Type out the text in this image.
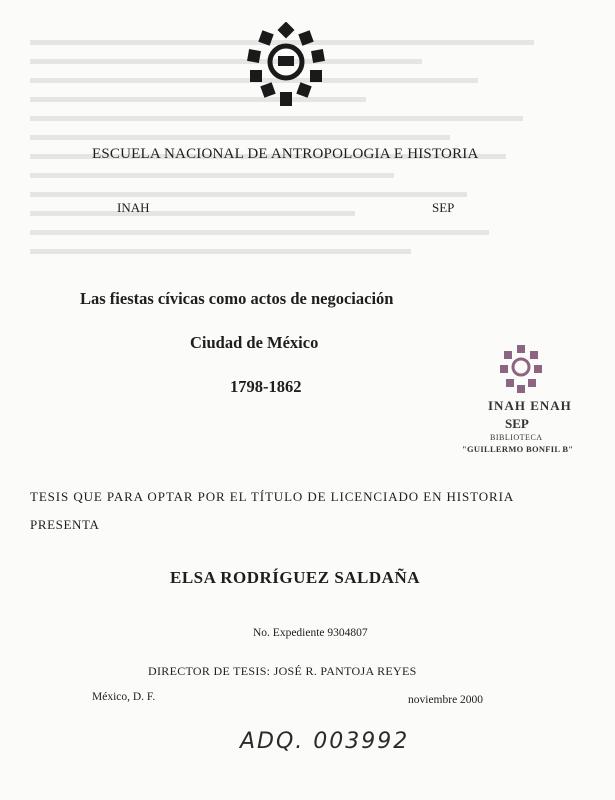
ESCUELA NACIONAL DE ANTROPOLOGIA E HISTORIA
INAH	SEP
Las fiestas cívicas como actos de negociación
Ciudad de México
1798-1862
INAH ENAH
SEP
BIBLIOTECA
"GUILLERMO BONFIL B"
TESIS QUE PARA OPTAR POR EL TÍTULO DE LICENCIADO EN HISTORIA
PRESENTA
ELSA RODRÍGUEZ SALDAÑA
No. Expediente 9304807
DIRECTOR DE TESIS: JOSÉ R. PANTOJA REYES
México, D. F.	noviembre 2000
ADQ. 003992
